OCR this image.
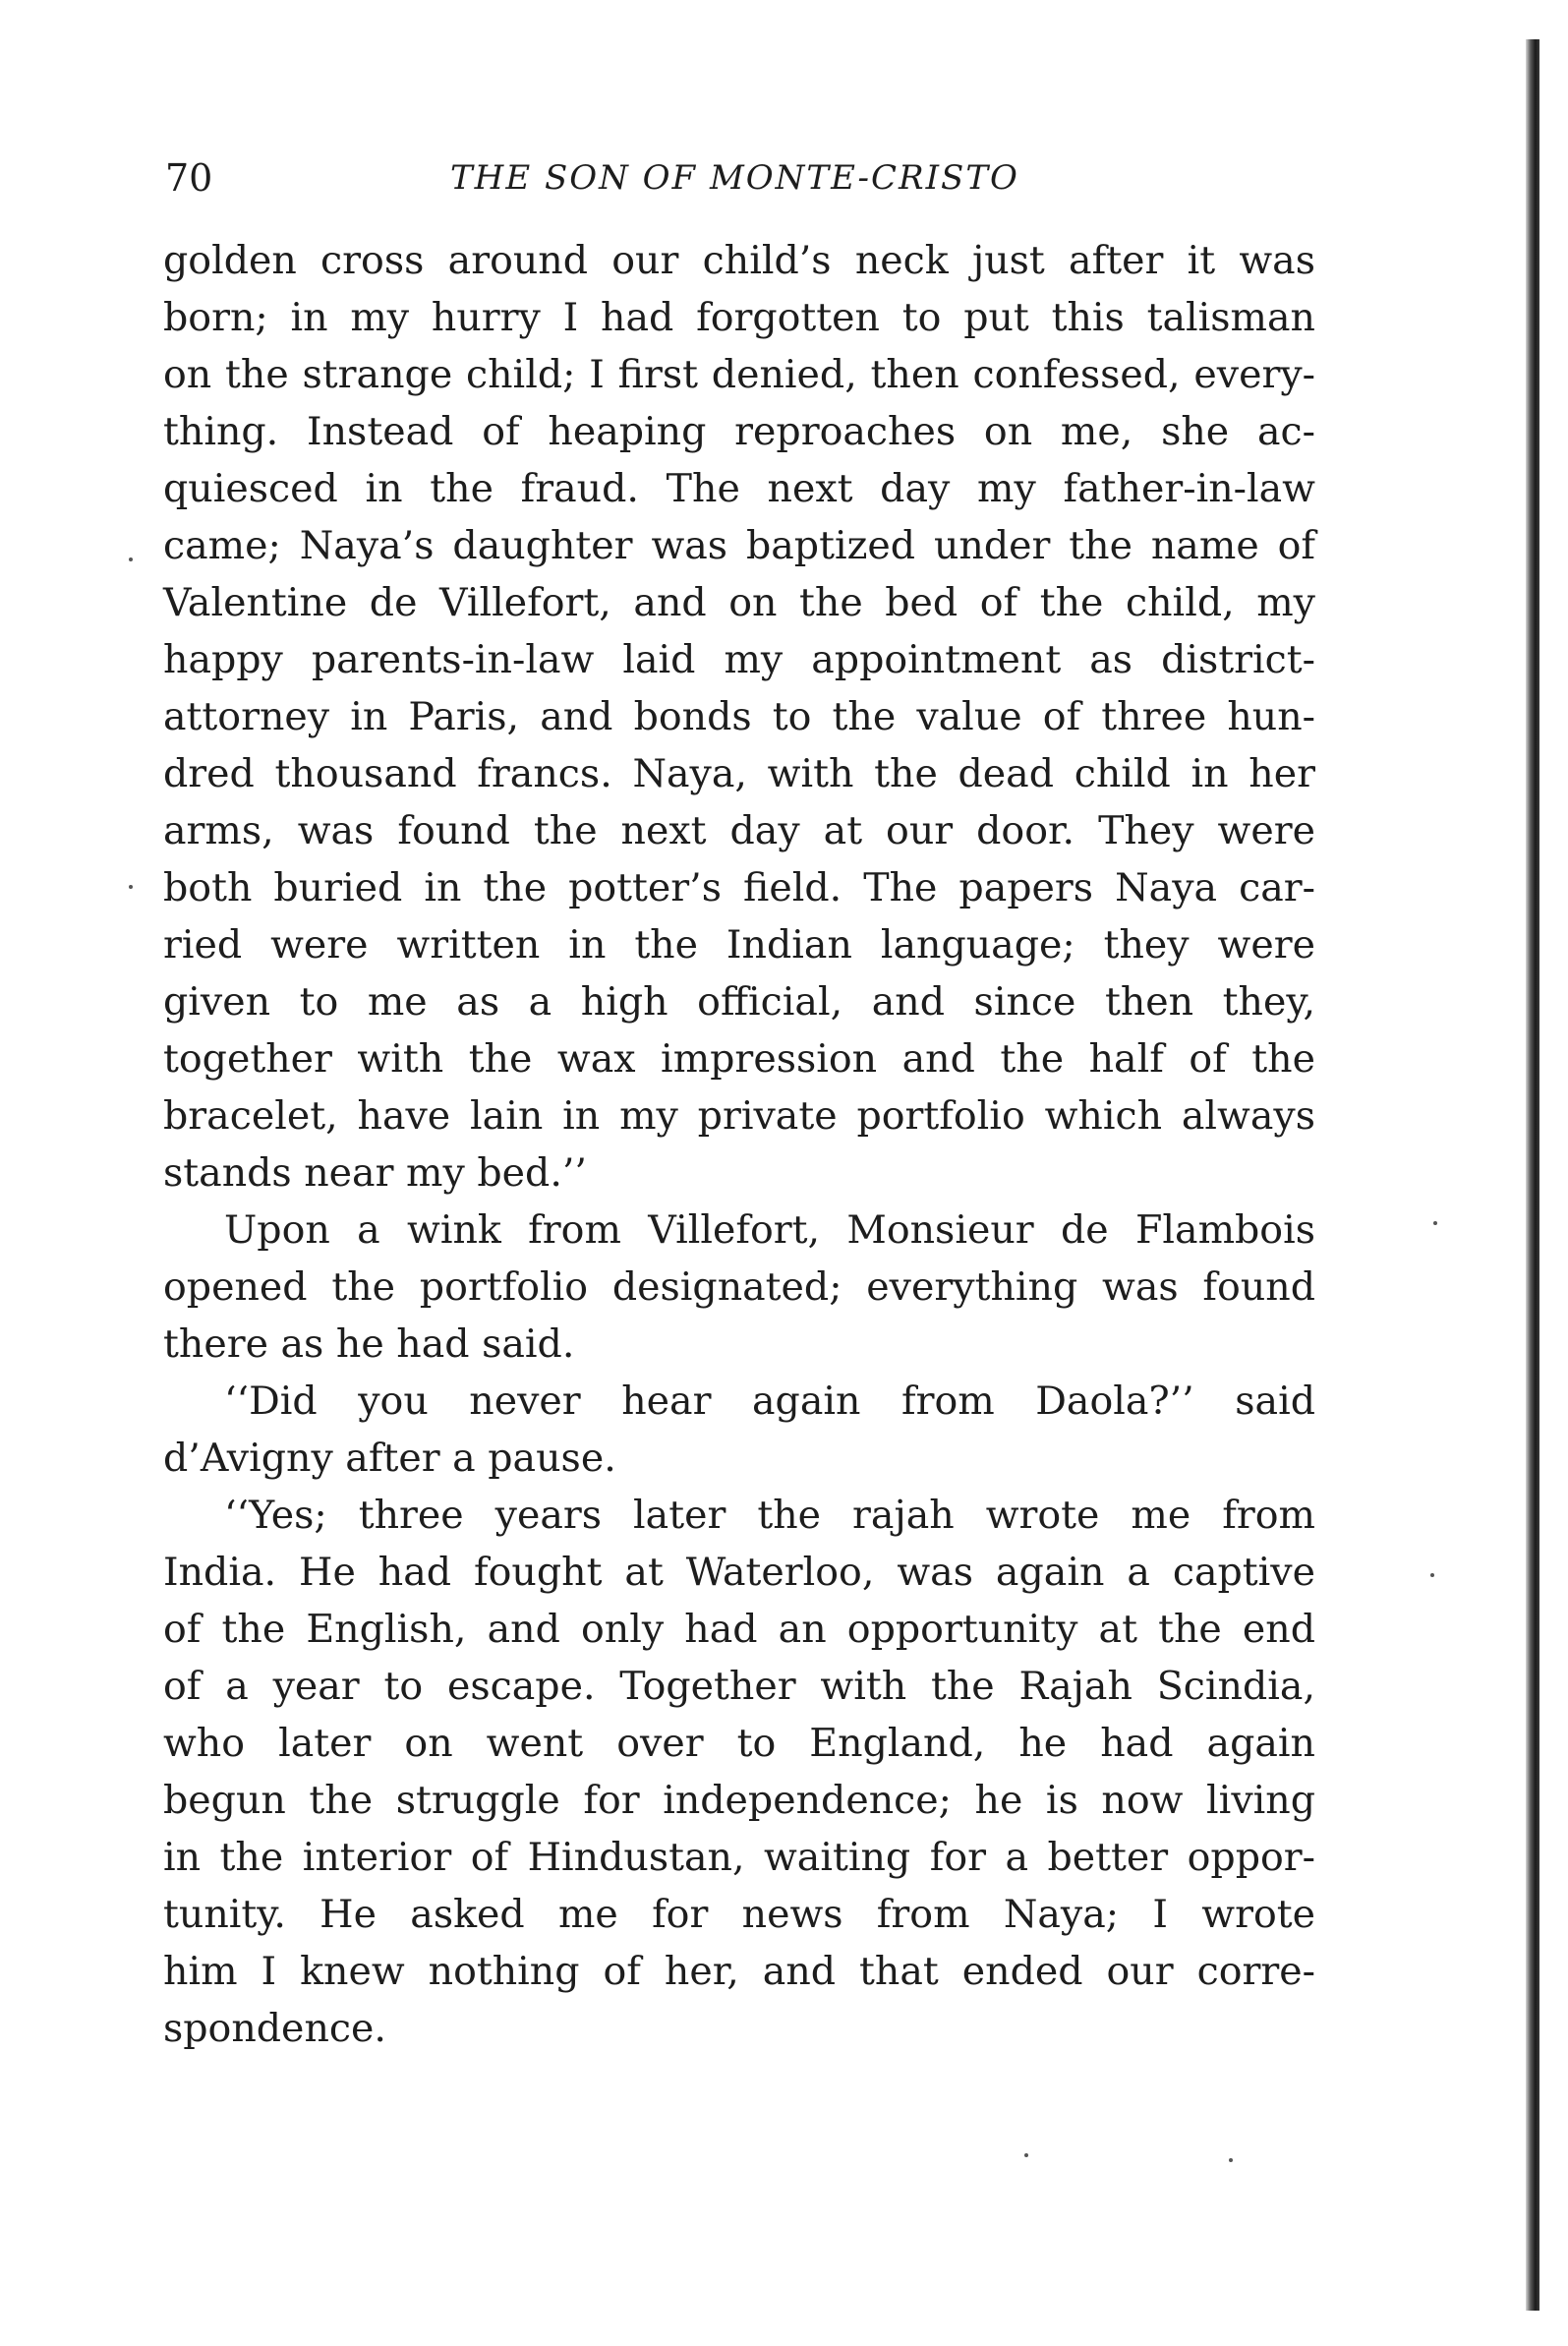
70	THE SON OF MONTE-CRISTO
golden cross around our child’s neck just after it was
born; in my hurry I had forgotten to put this talisman
on the strange child; I first denied, then confessed, every-
thing. Instead of heaping reproaches on me, she ac-
quiesced in the fraud. The next day my father-in-law
came; Naya’s daughter was baptized under the name of
Valentine de Villefort, and on the bed of the child, my
happy parents-in-law laid my appointment as district-
attorney in Paris, and bonds to the value of three hun-
dred thousand francs. Naya, with the dead child in her
arms, was found the next day at our door. They were
both buried in the potter’s field. The papers Naya car-
ried were written in the Indian language; they were
given to me as a high official, and since then they,
together with the wax impression and the half of the
bracelet, have lain in my private portfolio which always
stands near my bed.’’
Upon a wink from Villefort, Monsieur de Flambois
opened the portfolio designated; everything was found
there as he had said.
‘‘Did you never hear again from Daola?’’ said
d’Avigny after a pause.
‘‘Yes; three years later the rajah wrote me from
India. He had fought at Waterloo, was again a captive
of the English, and only had an opportunity at the end
of a year to escape. Together with the Rajah Scindia,
who later on went over to England, he had again
begun the struggle for independence; he is now living
in the interior of Hindustan, waiting for a better oppor-
tunity. He asked me for news from Naya; I wrote
him I knew nothing of her, and that ended our corre-
spondence.
